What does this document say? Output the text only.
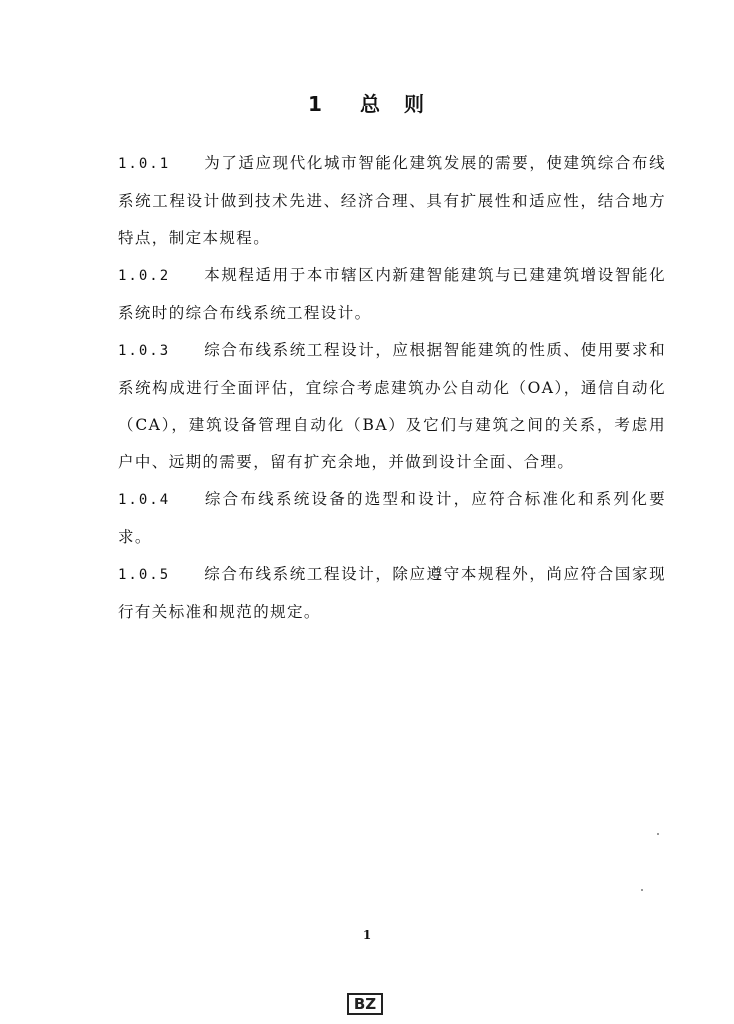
1 总 则

1.0.1 为了适应现代化城市智能化建筑发展的需要，使建筑综合布线系统工程设计做到技术先进、经济合理、具有扩展性和适应性，结合地方特点，制定本规程。

1.0.2 本规程适用于本市辖区内新建智能建筑与已建建筑增设智能化系统时的综合布线系统工程设计。

1.0.3 综合布线系统工程设计，应根据智能建筑的性质、使用要求和系统构成进行全面评估，宜综合考虑建筑办公自动化（OA），通信自动化（CA），建筑设备管理自动化（BA）及它们与建筑之间的关系，考虑用户中、远期的需要，留有扩充余地，并做到设计全面、合理。

1.0.4 综合布线系统设备的选型和设计，应符合标准化和系列化要求。

1.0.5 综合布线系统工程设计，除应遵守本规程外，尚应符合国家现行有关标准和规范的规定。

1
BZ
